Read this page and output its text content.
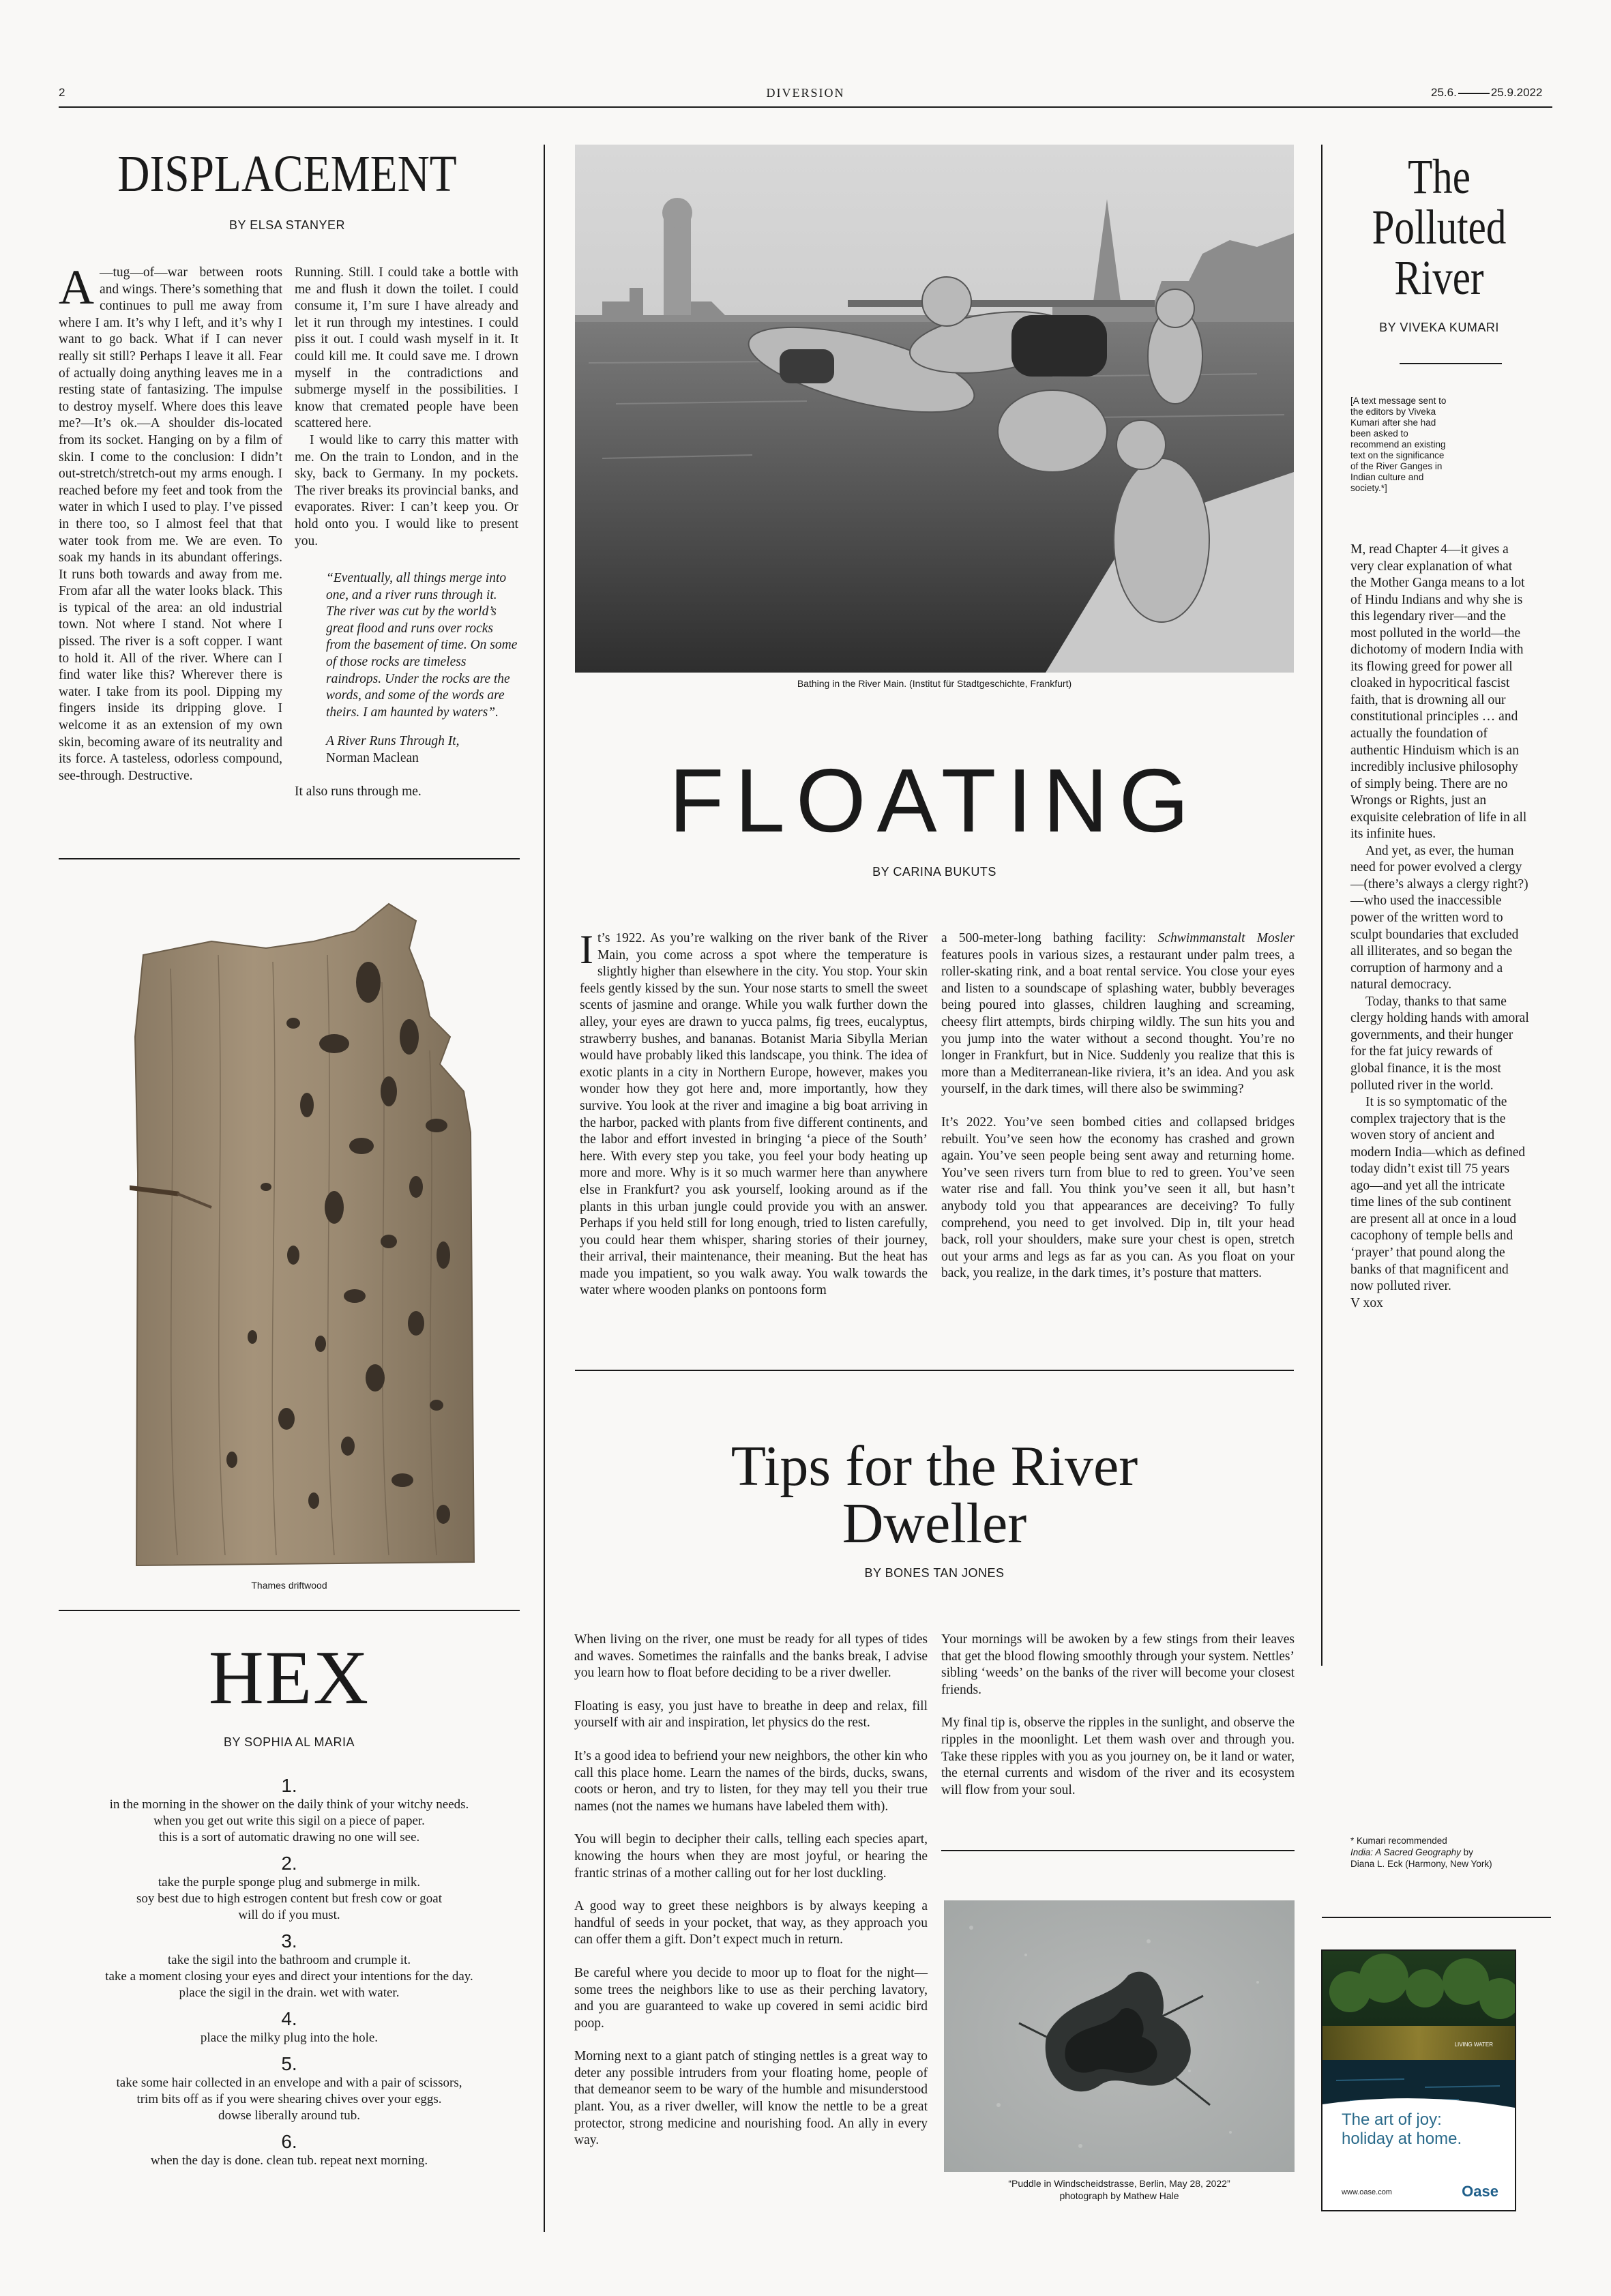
2	DIVERSION	25.6.	25.9.2022
DISPLACEMENT
BY ELSA STANYER
A —tug—of—war between roots and wings. There’s something that continues to pull me away from where I am. It’s why I left, and it’s why I want to go back. What if I can never really sit still? Perhaps I leave it all. Fear of actually doing anything leaves me in a resting state of fantasizing. The impulse to destroy myself. Where does this leave me?—It’s ok.—A shoulder dis-located from its socket. Hanging on by a film of skin. I come to the conclusion: I didn’t out-stretch/stretch-out my arms enough. I reached before my feet and took from the water in which I used to play. I’ve pissed in there too, so I almost feel that that water took from me. We are even. To soak my hands in its abundant offerings. It runs both towards and away from me. From afar all the water looks black. This is typical of the area: an old industrial town. Not where I stand. Not where I pissed. The river is a soft copper. I want to hold it. All of the river. Where can I find water like this? Wherever there is water. I take from its pool. Dipping my fingers inside its dripping glove. I welcome it as an extension of my own skin, becoming aware of its neutrality and its force. A tasteless, odorless compound, see-through. Destructive.
Running. Still. I could take a bottle with me and flush it down the toilet. I could consume it, I’m sure I have already and let it run through my intestines. I could piss it out. I could wash myself in it. It could kill me. It could save me. I drown myself in the contradictions and submerge myself in the possibilities. I know that cremated people have been scattered here.
I would like to carry this matter with me. On the train to London, and in the sky, back to Germany. In my pockets. The river breaks its provincial banks, and evaporates. River: I can’t keep you. Or hold onto you. I would like to present you.
“Eventually, all things merge into one, and a river runs through it. The river was cut by the world’s great flood and runs over rocks from the basement of time. On some of those rocks are timeless raindrops. Under the rocks are the words, and some of the words are theirs. I am haunted by waters”.
A River Runs Through It,
Norman Maclean
It also runs through me.
Thames driftwood
HEX
BY SOPHIA AL MARIA
1.
in the morning in the shower on the daily think of your witchy needs.
when you get out write this sigil on a piece of paper.
this is a sort of automatic drawing no one will see.
2.
take the purple sponge plug and submerge in milk.
soy best due to high estrogen content but fresh cow or goat
will do if you must.
3.
take the sigil into the bathroom and crumple it.
take a moment closing your eyes and direct your intentions for the day.
place the sigil in the drain. wet with water.
4.
place the milky plug into the hole.
5.
take some hair collected in an envelope and with a pair of scissors,
trim bits off as if you were shearing chives over your eggs.
dowse liberally around tub.
6.
when the day is done. clean tub. repeat next morning.
Bathing in the River Main. (Institut für Stadtgeschichte, Frankfurt)
FLOATING
BY CARINA BUKUTS
It’s 1922. As you’re walking on the river bank of the River Main, you come across a spot where the temperature is slightly higher than elsewhere in the city. You stop. Your skin feels gently kissed by the sun. Your nose starts to smell the sweet scents of jasmine and orange. While you walk further down the alley, your eyes are drawn to yucca palms, fig trees, eucalyptus, strawberry bushes, and bananas. Botanist Maria Sibylla Merian would have probably liked this landscape, you think. The idea of exotic plants in a city in Northern Europe, however, makes you wonder how they got here and, more importantly, how they survive. You look at the river and imagine a big boat arriving in the harbor, packed with plants from five different continents, and the labor and effort invested in bringing ‘a piece of the South’ here. With every step you take, you feel your body heating up more and more. Why is it so much warmer here than anywhere else in Frankfurt? you ask yourself, looking around as if the plants in this urban jungle could provide you with an answer. Perhaps if you held still for long enough, tried to listen carefully, you could hear them whisper, sharing stories of their journey, their arrival, their maintenance, their meaning. But the heat has made you impatient, so you walk away. You walk towards the water where wooden planks on pontoons form

a 500-meter-long bathing facility: Schwimmanstalt Mosler features pools in various sizes, a restaurant under palm trees, a roller-skating rink, and a boat rental service. You close your eyes and listen to a soundscape of splashing water, bubbly beverages being poured into glasses, children laughing and screaming, cheesy flirt attempts, birds chirping wildly. The sun hits you and you jump into the water without a second thought. You’re no longer in Frankfurt, but in Nice. Suddenly you realize that this is more than a Mediterranean-like riviera, it’s an idea. And you ask yourself, in the dark times, will there also be swimming?

It’s 2022. You’ve seen bombed cities and collapsed bridges rebuilt. You’ve seen how the economy has crashed and grown again. You’ve seen people being sent away and returning home. You’ve seen rivers turn from blue to red to green. You’ve seen water rise and fall. You think you’ve seen it all, but hasn’t anybody told you that appearances are deceiving? To fully comprehend, you need to get involved. Dip in, tilt your head back, roll your shoulders, make sure your chest is open, stretch out your arms and legs as far as you can. As you float on your back, you realize, in the dark times, it’s posture that matters.

Tips for the River
Dweller
BY BONES TAN JONES

When living on the river, one must be ready for all types of tides and waves. Sometimes the rainfalls and the banks break, I advise you learn how to float before deciding to be a river dweller.

Floating is easy, you just have to breathe in deep and relax, fill yourself with air and inspiration, let physics do the rest.

It’s a good idea to befriend your new neighbors, the other kin who call this place home. Learn the names of the birds, ducks, swans, coots or heron, and try to listen, for they may tell you their true names (not the names we humans have labeled them with).

You will begin to decipher their calls, telling each species apart, knowing the hours when they are most joyful, or hearing the frantic strinas of a mother calling out for her lost duckling.

A good way to greet these neighbors is by always keeping a handful of seeds in your pocket, that way, as they approach you can offer them a gift. Don’t expect much in return.

Be careful where you decide to moor up to float for the night—some trees the neighbors like to use as their perching lavatory, and you are guaranteed to wake up covered in semi acidic bird poop.

Morning next to a giant patch of stinging nettles is a great way to deter any possible intruders from your floating home, people of that demeanor seem to be wary of the humble and misunderstood plant. You, as a river dweller, will know the nettle to be a great protector, strong medicine and nourishing food. An ally in every way.

Your mornings will be awoken by a few stings from their leaves that get the blood flowing smoothly through your system. Nettles’ sibling ‘weeds’ on the banks of the river will become your closest friends.

My final tip is, observe the ripples in the sunlight, and observe the ripples in the moonlight. Let them wash over and through you. Take these ripples with you as you journey on, be it land or water, the eternal currents and wisdom of the river and its ecosystem will flow from your soul.

“Puddle in Windscheidstrasse, Berlin, May 28, 2022”
photograph by Mathew Hale
The
Polluted
River
BY VIVEKA KUMARI
[A text message sent to the editors by Viveka Kumari after she had been asked to recommend an existing text on the significance of the River Ganges in Indian culture and society.*]
M, read Chapter 4—it gives a very clear explanation of what the Mother Ganga means to a lot of Hindu Indians and why she is this legendary river—and the most polluted in the world—the dichotomy of modern India with its flowing greed for power all cloaked in hypocritical fascist faith, that is drowning all our constitutional principles … and actually the foundation of authentic Hinduism which is an incredibly inclusive philosophy of simply being. There are no Wrongs or Rights, just an exquisite celebration of life in all its infinite hues.
And yet, as ever, the human need for power evolved a clergy—(there’s always a clergy right?)—who used the inaccessible power of the written word to sculpt boundaries that excluded all illiterates, and so began the corruption of harmony and a natural democracy.
Today, thanks to that same clergy holding hands with amoral governments, and their hunger for the fat juicy rewards of global finance, it is the most polluted river in the world.
It is so symptomatic of the complex trajectory that is the woven story of ancient and modern India—which as defined today didn’t exist till 75 years ago—and yet all the intricate time lines of the sub continent are present all at once in a loud cacophony of temple bells and ‘prayer’ that pound along the banks of that magnificent and now polluted river.
V xox
* Kumari recommended
India: A Sacred Geography by
Diana L. Eck (Harmony, New York)
LIVING WATER
The art of joy:
holiday at home.
www.oase.com	Oase
